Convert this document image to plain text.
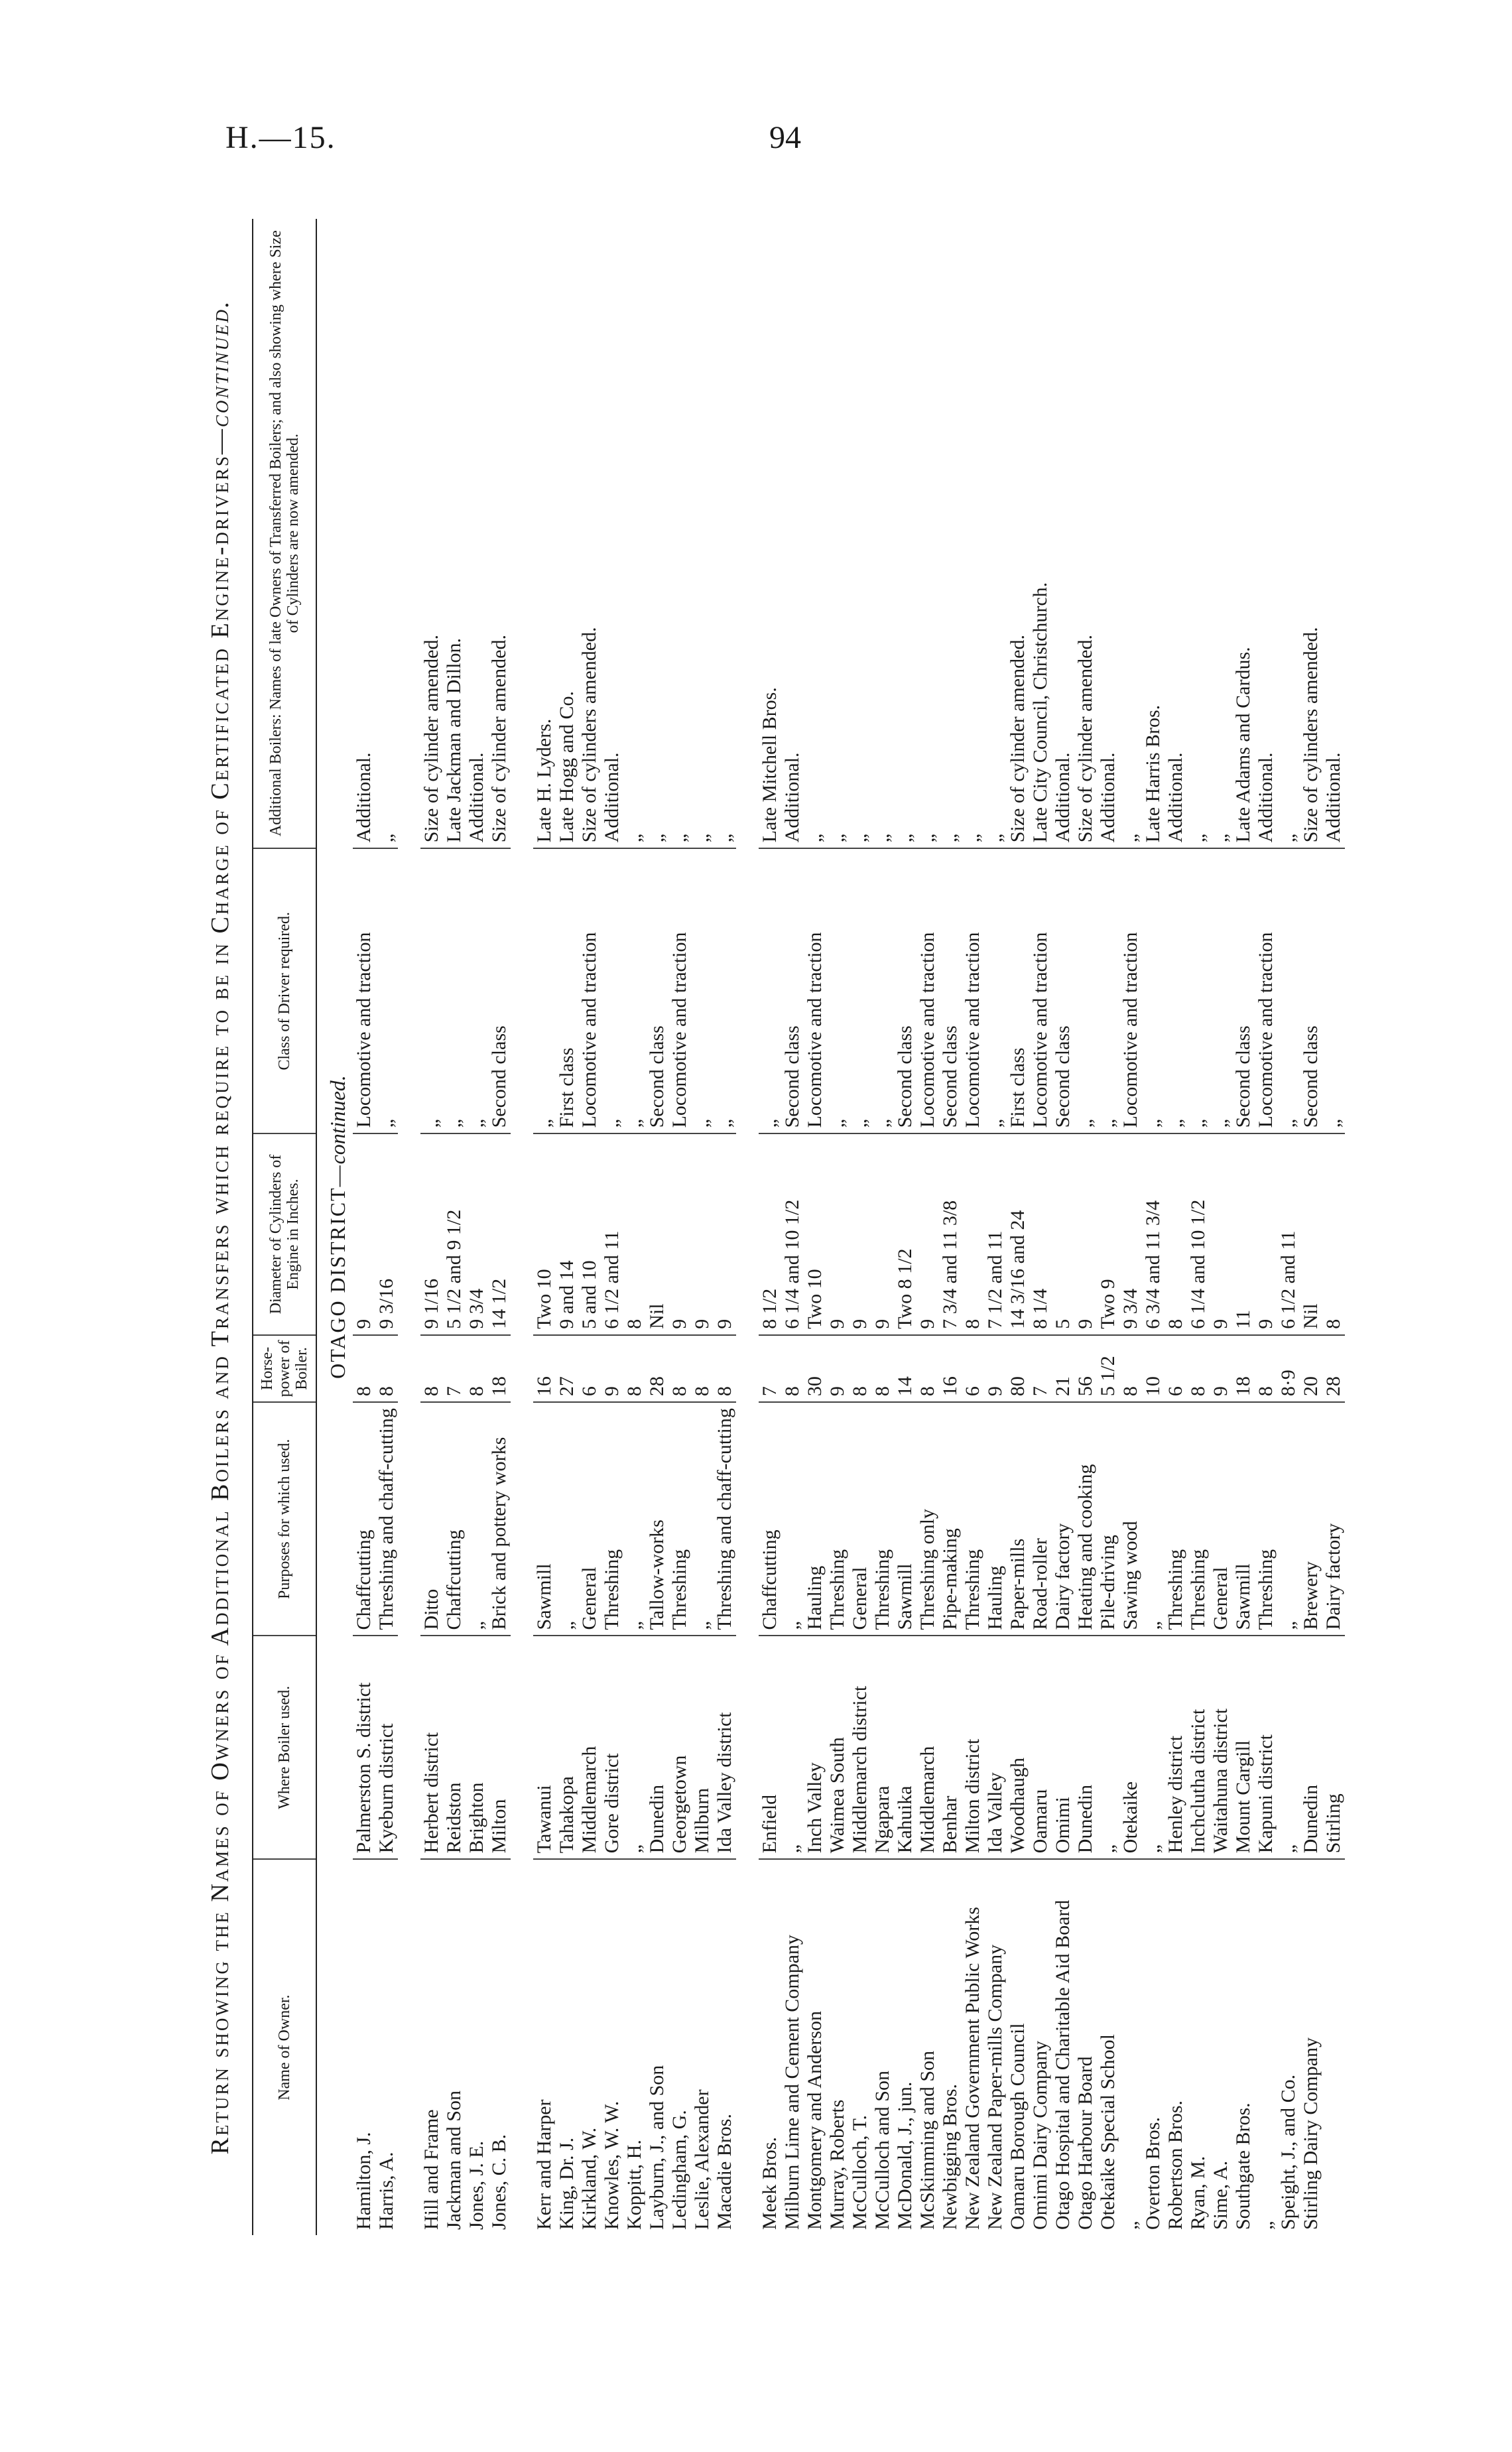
H.—15.	94
Return showing the Names of Owners of Additional Boilers and Transfers which require to be in Charge of Certificated Engine-drivers—continued.
Name of Owner.	Where Boiler used.	Purposes for which used.	Horse-power of Boiler.	Diameter of Cylinders of Engine in Inches.	Class of Driver required.	Additional Boilers: Names of late Owners of Transferred Boilers; and also showing where Size of Cylinders are now amended.
OTAGO DISTRICT—continued.						
Hamilton, J.	Palmerston S. district	Chaffcutting	8	9	Locomotive and traction	Additional.
Harris, A.	Kyeburn district	Threshing and chaff-cutting	8	9 3/16	„	„

Hill and Frame	Herbert district	Ditto	8	9 1/16	„	Size of cylinder amended.
Jackman and Son	Reidston	Chaffcutting	7	5 1/2 and 9 1/2	„	Late Jackman and Dillon.
Jones, J. E.	Brighton	„	8	9 3/4	„	Additional.
Jones, C. B.	Milton	Brick and pottery works	18	14 1/2	Second class	Size of cylinder amended.

Kerr and Harper	Tawanui	Sawmill	16	Two 10	„	Late H. Lyders.
King, Dr. J.	Tahakopa	„	27	9 and 14	First class	Late Hogg and Co.
Kirkland, W.	Middlemarch	General	6	5 and 10	Locomotive and traction	Size of cylinders amended.
Knowles, W. W.	Gore district	Threshing	9	6 1/2 and 11	„	Additional.
Koppitt, H.	„	„	8	8	„	„
Layburn, J., and Son	Dunedin	Tallow-works	28	Nil	Second class	„
Ledingham, G.	Georgetown	Threshing	8	9	Locomotive and traction	„
Leslie, Alexander	Milburn	„	8	9	„	„
Macadie Bros.	Ida Valley district	Threshing and chaff-cutting	8	9	„	„

Meek Bros.	Enfield	Chaffcutting	7	8 1/2	„	Late Mitchell Bros.
Milburn Lime and Cement Company	„	„	8	6 1/4 and 10 1/2	Second class	Additional.
Montgomery and Anderson	Inch Valley	Hauling	30	Two 10	Locomotive and traction	„
Murray, Roberts	Waimea South	Threshing	9	9	„	„
McCulloch, T.	Middlemarch district	General	8	9	„	„
McCulloch and Son	Ngapara	Threshing	8	9	„	„
McDonald, J., jun.	Kahuika	Sawmill	14	Two 8 1/2	Second class	„
McSkimming and Son	Middlemarch	Threshing only	8	9	Locomotive and traction	„
Newbigging Bros.	Benhar	Pipe-making	16	7 3/4 and 11 3/8	Second class	„
New Zealand Government Public Works	Milton district	Threshing	6	8	Locomotive and traction	„
New Zealand Paper-mills Company	Ida Valley	Hauling	9	7 1/2 and 11	„	„
Oamaru Borough Council	Woodhaugh	Paper-mills	80	14 3/16 and 24	First class	Size of cylinder amended.
Omimi Dairy Company	Oamaru	Road-roller	7	8 1/4	Locomotive and traction	Late City Council, Christchurch.
Otago Hospital and Charitable Aid Board	Omimi	Dairy factory	21	5	Second class	Additional.
Otago Harbour Board	Dunedin	Heating and cooking	56	9	„	Size of cylinder amended.
Otekaike Special School	„	Pile-driving	5 1/2	Two 9	„	Additional.
„	Otekaike	Sawing wood	8	9 3/4	Locomotive and traction	„
Overton Bros.	„	„	10	6 3/4 and 11 3/4	„	Late Harris Bros.
Robertson Bros.	Henley district	Threshing	6	8	„	Additional.
Ryan, M.	Inchclutha district	Threshing	8	6 1/4 and 10 1/2	„	„
Sime, A.	Waitahuna district	General	9	9	„	„
Southgate Bros.	Mount Cargill	Sawmill	18	11	Second class	Late Adams and Cardus.
„	Kapuni district	Threshing	8	9	Locomotive and traction	Additional.
Speight, J., and Co.	„	„	8·9	6 1/2 and 11	„	„
Stirling Dairy Company	Dunedin	Brewery	20	Nil	Second class	Size of cylinders amended.
	Stirling	Dairy factory	28	8	„	Additional.
